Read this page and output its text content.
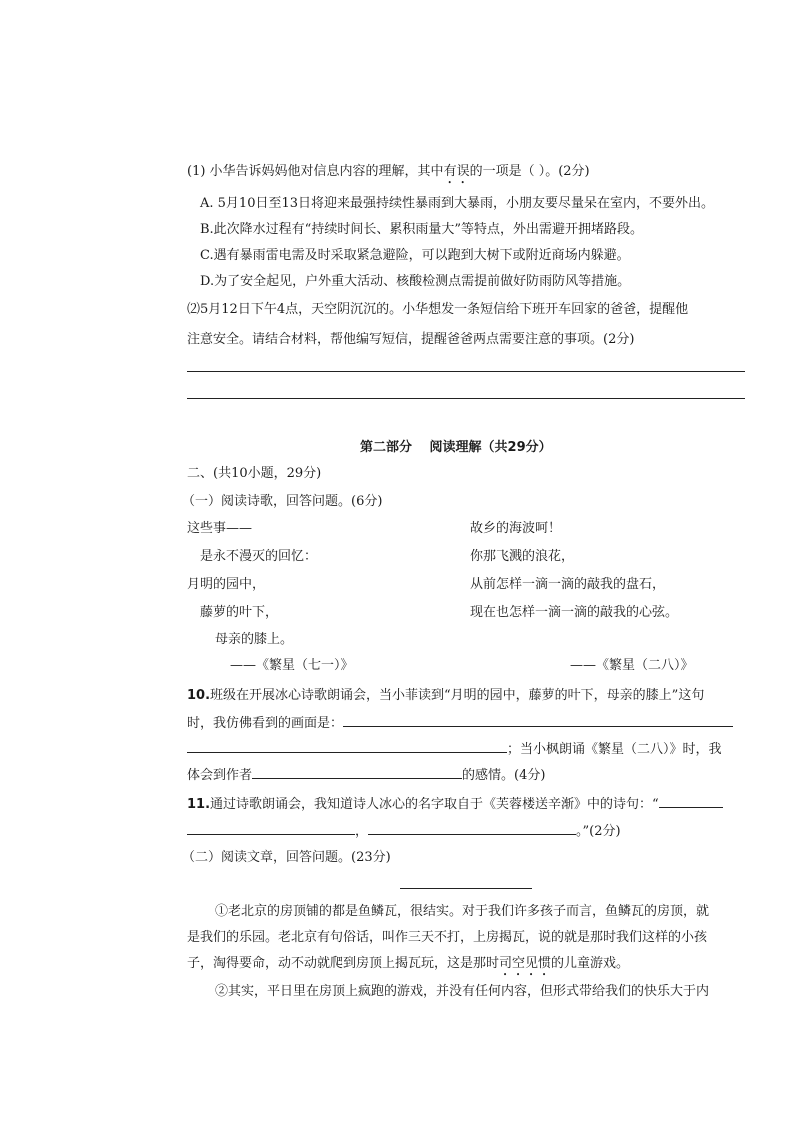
(1) 小华告诉妈妈他对信息内容的理解，其中有误的一项是（ ）。(2分)
A. 5月10日至13日将迎来最强持续性暴雨到大暴雨，小朋友要尽量呆在室内，不要外出。
B.此次降水过程有“持续时间长、累积雨量大”等特点，外出需避开拥堵路段。
C.遇有暴雨雷电需及时采取紧急避险，可以跑到大树下或附近商场内躲避。
D.为了安全起见，户外重大活动、核酸检测点需提前做好防雨防风等措施。
⑵5月12日下午4点，天空阴沉沉的。小华想发一条短信给下班开车回家的爸爸，提醒他
注意安全。请结合材料，帮他编写短信，提醒爸爸两点需要注意的事项。(2分)
第二部分　 阅读理解（共29分）
二、(共10小题，29分)
（一）阅读诗歌，回答问题。(6分)
这些事——
是永不漫灭的回忆：
月明的园中，
藤萝的叶下，
母亲的膝上。
——《繁星（七一）》
故乡的海波呵！
你那飞溅的浪花，
从前怎样一滴一滴的敲我的盘石，
现在也怎样一滴一滴的敲我的心弦。
——《繁星（二八）》
10.班级在开展冰心诗歌朗诵会，当小菲读到“月明的园中，藤萝的叶下，母亲的膝上”这句
时，我仿佛看到的画面是：
；当小枫朗诵《繁星（二八）》时，我
体会到作者	的感情。(4分)
11.通过诗歌朗诵会，我知道诗人冰心的名字取自于《芙蓉楼送辛渐》中的诗句：“
，	。”(2分)
（二）阅读文章，回答问题。(23分)
①老北京的房顶铺的都是鱼鳞瓦，很结实。对于我们许多孩子而言，鱼鳞瓦的房顶，就
是我们的乐园。老北京有句俗话，叫作三天不打，上房揭瓦，说的就是那时我们这样的小孩
子，淘得要命，动不动就爬到房顶上揭瓦玩，这是那时司空见惯的儿童游戏。
②其实，平日里在房顶上疯跑的游戏，并没有任何内容，但形式带给我们的快乐大于内
